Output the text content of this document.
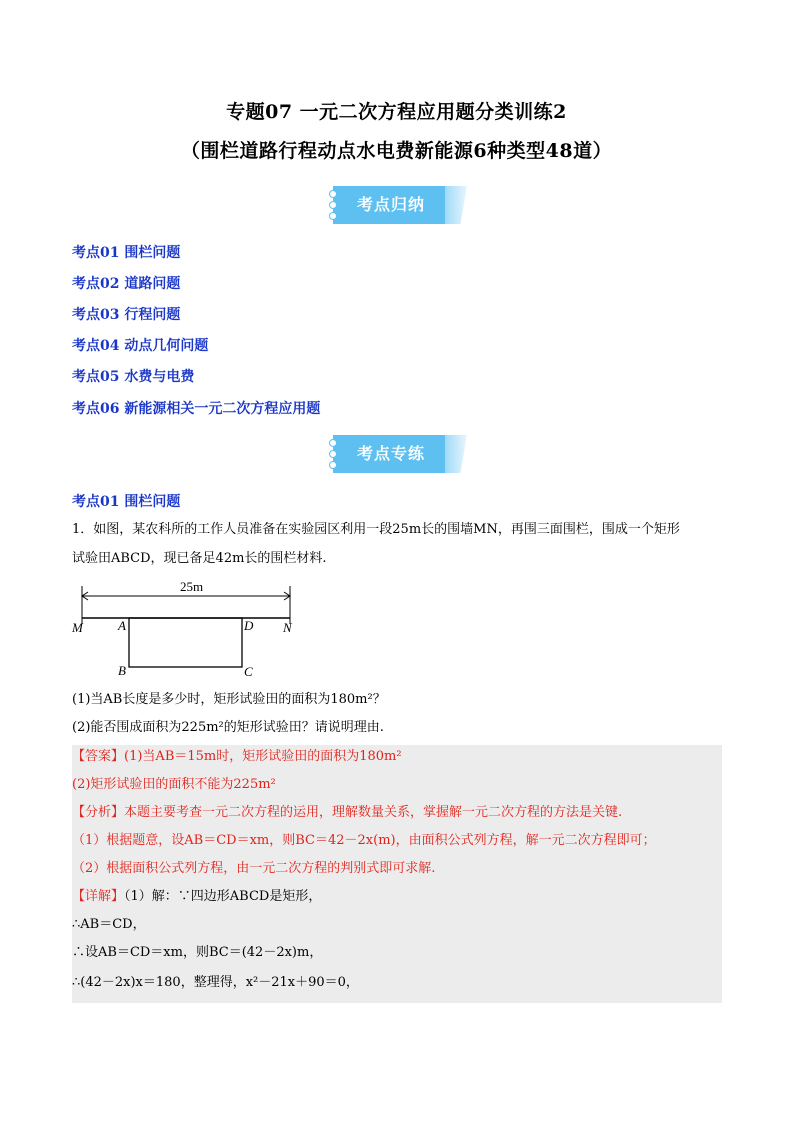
专题07 一元二次方程应用题分类训练2
（围栏道路行程动点水电费新能源6种类型48道）
考点归纳
考点01 围栏问题
考点02 道路问题
考点03 行程问题
考点04 动点几何问题
考点05 水费与电费
考点06 新能源相关一元二次方程应用题
考点专练
考点01 围栏问题
1．如图，某农科所的工作人员准备在实验园区利用一段25m长的围墙MN，再围三面围栏，围成一个矩形
试验田ABCD，现已备足42m长的围栏材料.
25m
M	A	D N
B	C
(1)当AB长度是多少时，矩形试验田的面积为180m²？
(2)能否围成面积为225m²的矩形试验田？请说明理由.
【答案】(1)当AB＝15m时，矩形试验田的面积为180m²
(2)矩形试验田的面积不能为225m²
【分析】本题主要考查一元二次方程的运用，理解数量关系，掌握解一元二次方程的方法是关键.
（1）根据题意，设AB＝CD＝xm，则BC＝42－2x(m)，由面积公式列方程，解一元二次方程即可；
（2）根据面积公式列方程，由一元二次方程的判别式即可求解.
【详解】（1）解：∵四边形ABCD是矩形，
∴AB＝CD，
∴设AB＝CD＝xm，则BC＝(42－2x)m，
∴(42－2x)x＝180，整理得，x²－21x＋90＝0，
